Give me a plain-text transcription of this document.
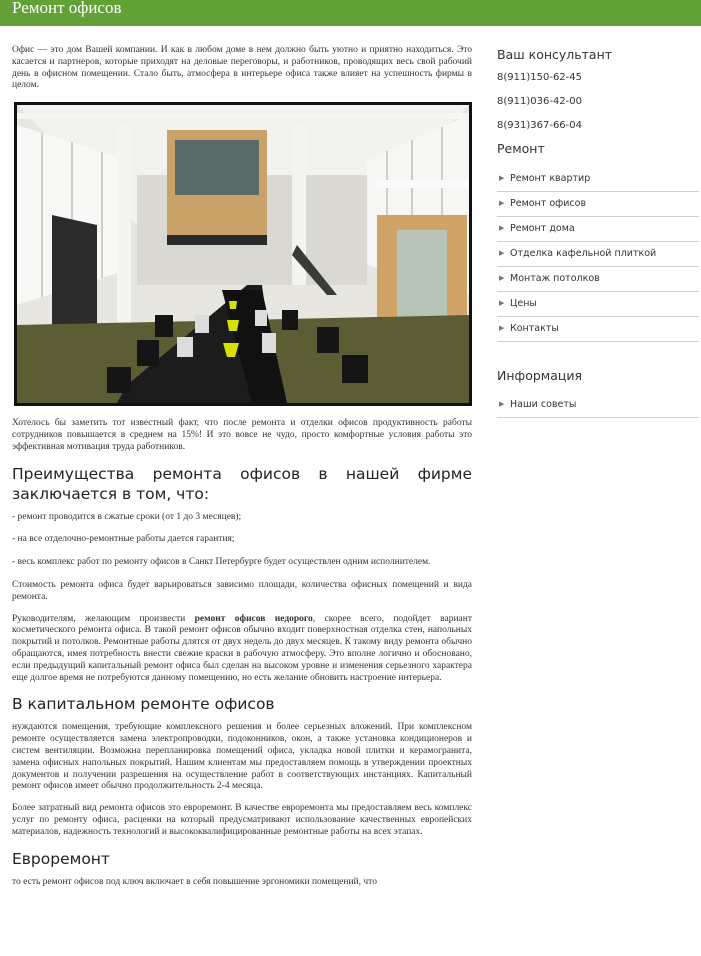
Ремонт офисов

Офис — это дом Вашей компании. И как в любом доме в нем должно быть уютно и приятно находиться. Это касается и партнеров, которые приходят на деловые переговоры, и работников, проводящих весь свой рабочий день в офисном помещении. Стало быть, атмосфера в интерьере офиса также влияет на успешность фирмы в целом.

Хотелось бы заметить тот известный факт, что после ремонта и отделки офисов продуктивность работы сотрудников повышается в среднем на 15%! И это вовсе не чудо, просто комфортные условия работы это эффективная мотивация труда работников.

Преимущества ремонта офисов в нашей фирме заключается в том, что:

- ремонт проводится в сжатые сроки (от 1 до 3 месяцев);

- на все отделочно-ремонтные работы дается гарантия;

- весь комплекс работ по ремонту офисов в Санкт Петербурге будет осуществлен одним исполнителем.

Стоимость ремонта офиса будет варьироваться зависимо площади, количества офисных помещений и вида ремонта.

Руководителям, желающим произвести ремонт офисов недорого, скорее всего, подойдет вариант косметического ремонта офиса. В такой ремонт офисов обычно входит поверхностная отделка стен, напольных покрытий и потолков. Ремонтные работы длятся от двух недель до двух месяцев. К такому виду ремонта обычно обращаются, имея потребность внести свежие краски в рабочую атмосферу. Это вполне логично и обосновано, если предыдущий капитальный ремонт офиса был сделан на высоком уровне и изменения серьезного характера еще долгое время не потребуются данному помещению, но есть желание обновить настроение интерьера.

В капитальном ремонте офисов

нуждаются помещения, требующие комплексного решения и более серьезных вложений. При комплексном ремонте осуществляется замена электропроводки, подоконников, окон, а также установка кондиционеров и систем вентиляции. Возможна перепланировка помещений офиса, укладка новой плитки и керамогранита, замена офисных напольных покрытий. Нашим клиентам мы предоставляем помощь в утверждении проектных документов и получении разрешения на осуществление работ в соответствующих инстанциях. Капитальный ремонт офисов имеет обычно продолжительность 2-4 месяца.

Более затратный вид ремонта офисов это евроремонт. В качестве евроремонта мы предоставляем весь комплекс услуг по ремонту офиса, расценки на который предусматривают использование качественных европейских материалов, надежность технологий и высококвалифицированные ремонтные работы на всех этапах.

Евроремонт

то есть ремонт офисов под ключ включает в себя повышение эргономики помещений, что

Ваш консультант
8(911)150-62-45
8(911)036-42-00
8(931)367-66-04
Ремонт
▶ Ремонт квартир
▶ Ремонт офисов
▶ Ремонт дома
▶ Отделка кафельной плиткой
▶ Монтаж потолков
▶ Цены
▶ Контакты
Информация
▶ Наши советы
